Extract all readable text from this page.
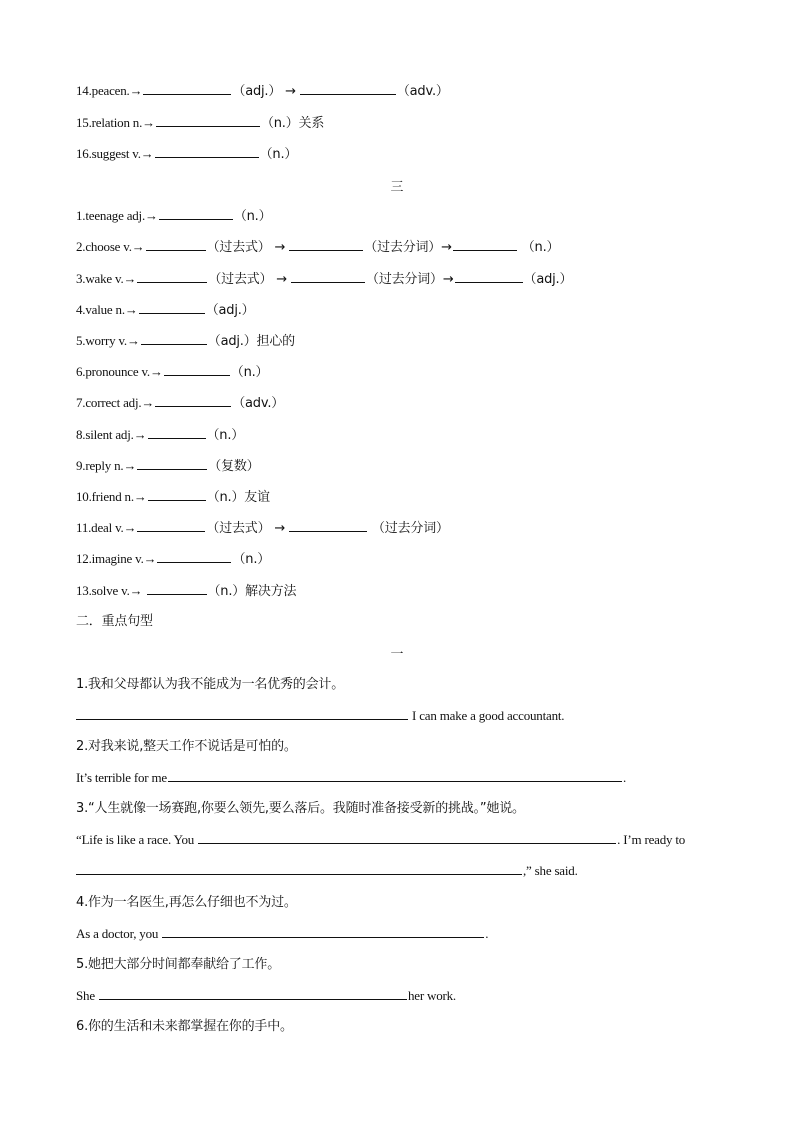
14.peacen.→	（adj.） →	（adv.）
15.relation n.→	（n.）关系
16.suggest v.→	（n.）
三
1.teenage adj.→	（n.）
2.choose v.→	（过去式） →	（过去分词）→	（n.）
3.wake v.→	（过去式） →	（过去分词）→	（adj.）
4.value n.→	（adj.）
5.worry v.→	（adj.）担心的
6.pronounce v.→	（n.）
7.correct adj.→	（adv.）
8.silent adj.→	（n.）
9.reply n.→	（复数）
10.friend n.→	（n.）友谊
11.deal v.→	（过去式） →	（过去分词）
12.imagine v.→	（n.）
13.solve v.→	（n.）解决方法
二．重点句型
一
1.我和父母都认为我不能成为一名优秀的会计。
I can make a good accountant.
2.对我来说,整天工作不说话是可怕的。
It’s terrible for me	.
3.“人生就像一场赛跑,你要么领先,要么落后。我随时准备接受新的挑战。”她说。
“Life is like a race. You	. I’m ready to
,” she said.
4.作为一名医生,再怎么仔细也不为过。
As a doctor, you	.
5.她把大部分时间都奉献给了工作。
She	her work.
6.你的生活和未来都掌握在你的手中。
